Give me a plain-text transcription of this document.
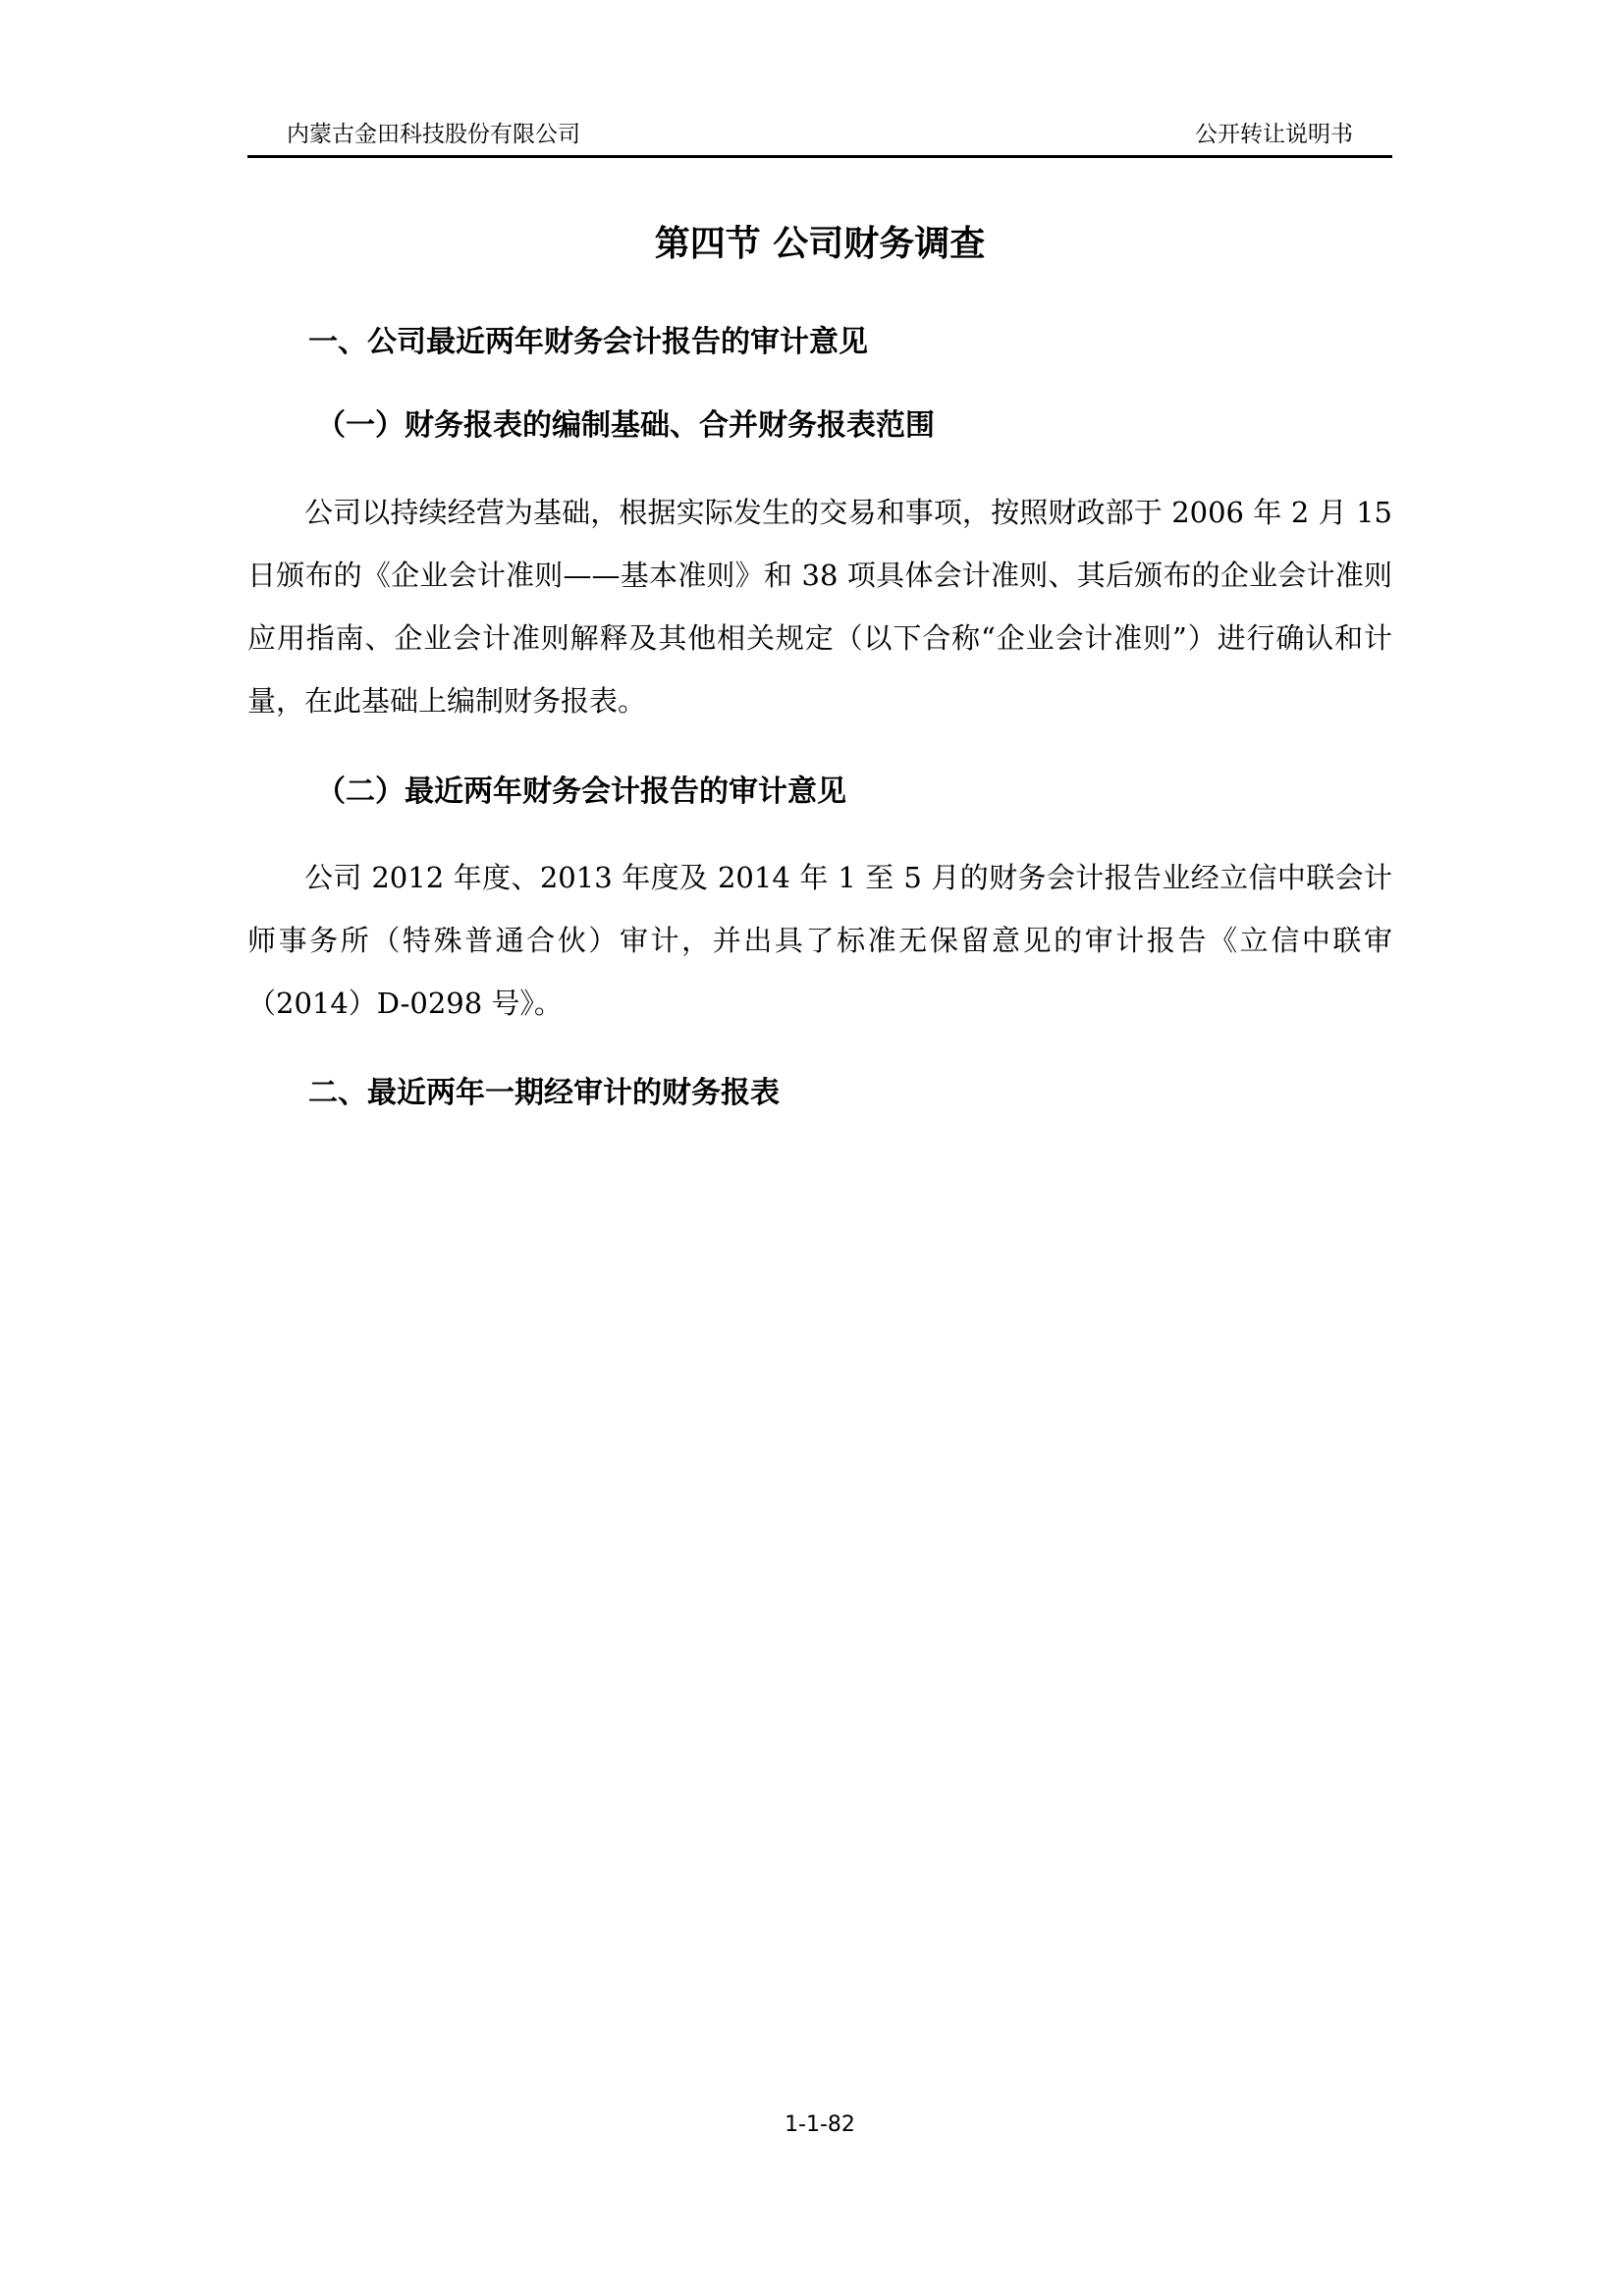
内蒙古金田科技股份有限公司	公开转让说明书
第四节 公司财务调查
一、公司最近两年财务会计报告的审计意见
（一）财务报表的编制基础、合并财务报表范围

公司以持续经营为基础，根据实际发生的交易和事项，按照财政部于 2006 年 2 月 15 日颁布的《企业会计准则——基本准则》和 38 项具体会计准则、其后颁布的企业会计准则应用指南、企业会计准则解释及其他相关规定（以下合称“企业会计准则”）进行确认和计量，在此基础上编制财务报表。

（二）最近两年财务会计报告的审计意见

公司 2012 年度、2013 年度及 2014 年 1 至 5 月的财务会计报告业经立信中联会计师事务所（特殊普通合伙）审计，并出具了标准无保留意见的审计报告《立信中联审（2014）D-0298 号》。

二、最近两年一期经审计的财务报表
1-1-82
